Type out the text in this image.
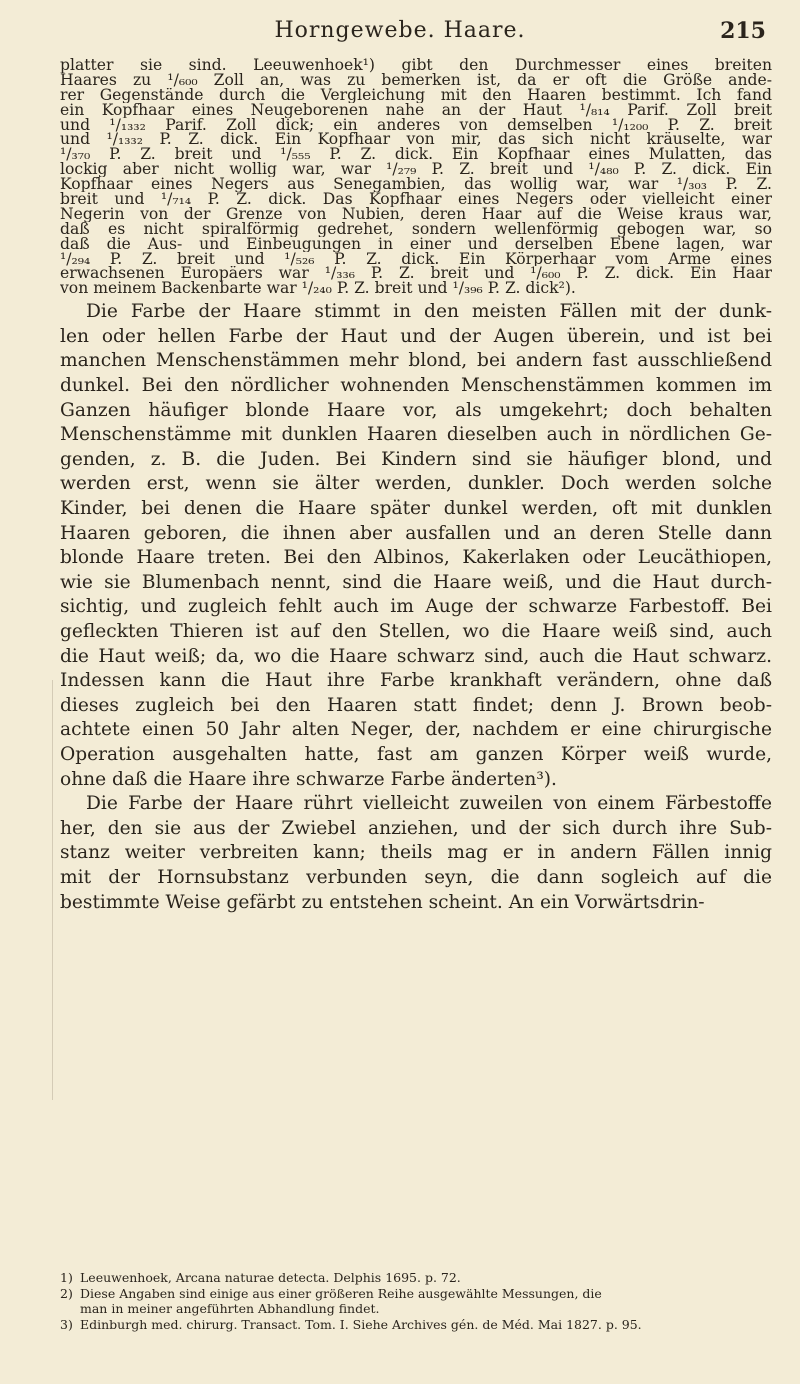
Horngewebe. Haare.	215
platter sie sind. Leeuwenhoek¹) gibt den Durchmesser eines breiten
Haares zu ¹/₆₀₀ Zoll an, was zu bemerken ist, da er oft die Größe ande-
rer Gegenstände durch die Vergleichung mit den Haaren bestimmt. Ich fand
ein Kopfhaar eines Neugeborenen nahe an der Haut ¹/₈₁₄ Parif. Zoll breit
und ¹/₁₃₃₂ Parif. Zoll dick; ein anderes von demselben ¹/₁₂₀₀ P. Z. breit
und ¹/₁₃₃₂ P. Z. dick. Ein Kopfhaar von mir, das sich nicht kräuselte, war
¹/₃₇₀ P. Z. breit und ¹/₅₅₅ P. Z. dick. Ein Kopfhaar eines Mulatten, das
lockig aber nicht wollig war, war ¹/₂₇₉ P. Z. breit und ¹/₄₈₀ P. Z. dick. Ein
Kopfhaar eines Negers aus Senegambien, das wollig war, war ¹/₃₀₃ P. Z.
breit und ¹/₇₁₄ P. Z. dick. Das Kopfhaar eines Negers oder vielleicht einer
Negerin von der Grenze von Nubien, deren Haar auf die Weise kraus war,
daß es nicht spiralförmig gedrehet, sondern wellenförmig gebogen war, so
daß die Aus- und Einbeugungen in einer und derselben Ebene lagen, war
¹/₂₉₄ P. Z. breit und ¹/₅₂₆ P. Z. dick. Ein Körperhaar vom Arme eines
erwachsenen Europäers war ¹/₃₃₆ P. Z. breit und ¹/₆₀₀ P. Z. dick. Ein Haar
von meinem Backenbarte war ¹/₂₄₀ P. Z. breit und ¹/₃₉₆ P. Z. dick²).
Die Farbe der Haare stimmt in den meisten Fällen mit der dunk-
len oder hellen Farbe der Haut und der Augen überein, und ist bei
manchen Menschenstämmen mehr blond, bei andern fast ausschließend
dunkel. Bei den nördlicher wohnenden Menschenstämmen kommen im
Ganzen häufiger blonde Haare vor, als umgekehrt; doch behalten
Menschenstämme mit dunklen Haaren dieselben auch in nördlichen Ge-
genden, z. B. die Juden. Bei Kindern sind sie häufiger blond, und
werden erst, wenn sie älter werden, dunkler. Doch werden solche
Kinder, bei denen die Haare später dunkel werden, oft mit dunklen
Haaren geboren, die ihnen aber ausfallen und an deren Stelle dann
blonde Haare treten. Bei den Albinos, Kakerlaken oder Leucäthiopen,
wie sie Blumenbach nennt, sind die Haare weiß, und die Haut durch-
sichtig, und zugleich fehlt auch im Auge der schwarze Farbestoff. Bei
gefleckten Thieren ist auf den Stellen, wo die Haare weiß sind, auch
die Haut weiß; da, wo die Haare schwarz sind, auch die Haut schwarz.
Indessen kann die Haut ihre Farbe krankhaft verändern, ohne daß
dieses zugleich bei den Haaren statt findet; denn J. Brown beob-
achtete einen 50 Jahr alten Neger, der, nachdem er eine chirurgische
Operation ausgehalten hatte, fast am ganzen Körper weiß wurde,
ohne daß die Haare ihre schwarze Farbe änderten³).
Die Farbe der Haare rührt vielleicht zuweilen von einem Färbestoffe
her, den sie aus der Zwiebel anziehen, und der sich durch ihre Sub-
stanz weiter verbreiten kann; theils mag er in andern Fällen innig
mit der Hornsubstanz verbunden seyn, die dann sogleich auf die
bestimmte Weise gefärbt zu entstehen scheint. An ein Vorwärtsdrin-
1) Leeuwenhoek, Arcana naturae detecta. Delphis 1695. p. 72.
2) Diese Angaben sind einige aus einer größeren Reihe ausgewählte Messungen, die
man in meiner angeführten Abhandlung findet.
3) Edinburgh med. chirurg. Transact. Tom. I. Siehe Archives gén. de Méd. Mai 1827. p. 95.
